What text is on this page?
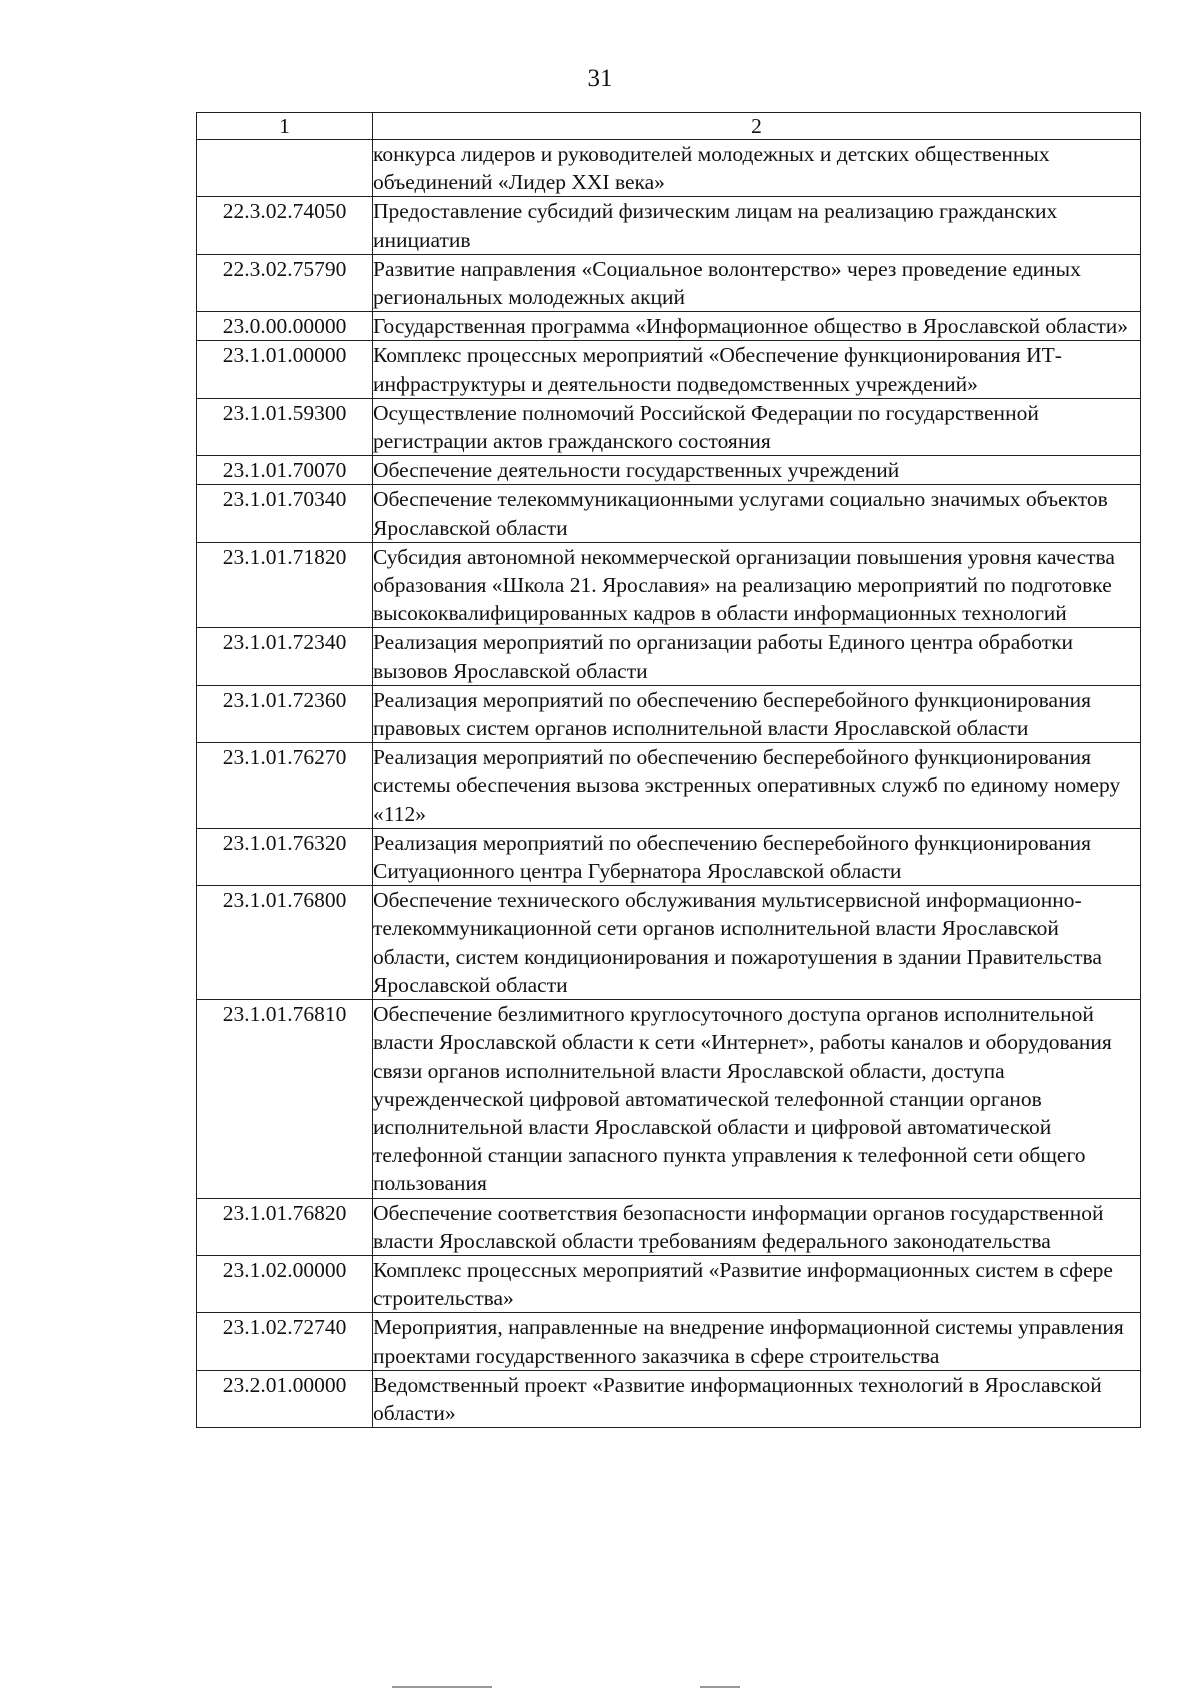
31
1	2
	конкурса лидеров и руководителей молодежных и детских общественных объединений «Лидер XXI века»
22.3.02.74050	Предоставление субсидий физическим лицам на реализацию гражданских инициатив
22.3.02.75790	Развитие направления «Социальное волонтерство» через проведение единых региональных молодежных акций
23.0.00.00000	Государственная программа «Информационное общество в Ярославской области»
23.1.01.00000	Комплекс процессных мероприятий «Обеспечение функционирования ИТ-инфраструктуры и деятельности подведомственных учреждений»
23.1.01.59300	Осуществление полномочий Российской Федерации по государственной регистрации актов гражданского состояния
23.1.01.70070	Обеспечение деятельности государственных учреждений
23.1.01.70340	Обеспечение телекоммуникационными услугами социально значимых объектов Ярославской области
23.1.01.71820	Субсидия автономной некоммерческой организации повышения уровня качества образования «Школа 21. Ярославия» на реализацию мероприятий по подготовке высококвалифицированных кадров в области информационных технологий
23.1.01.72340	Реализация мероприятий по организации работы Единого центра обработки вызовов Ярославской области
23.1.01.72360	Реализация мероприятий по обеспечению бесперебойного функционирования правовых систем органов исполнительной власти Ярославской области
23.1.01.76270	Реализация мероприятий по обеспечению бесперебойного функционирования системы обеспечения вызова экстренных оперативных служб по единому номеру «112»
23.1.01.76320	Реализация мероприятий по обеспечению бесперебойного функционирования Ситуационного центра Губернатора Ярославской области
23.1.01.76800	Обеспечение технического обслуживания мультисервисной информационно-телекоммуникационной сети органов исполнительной власти Ярославской области, систем кондиционирования и пожаротушения в здании Правительства Ярославской области
23.1.01.76810	Обеспечение безлимитного круглосуточного доступа органов исполнительной власти Ярославской области к сети «Интернет», работы каналов и оборудования связи органов исполнительной власти Ярославской области, доступа учрежденческой цифровой автоматической телефонной станции органов исполнительной власти Ярославской области и цифровой автоматической телефонной станции запасного пункта управления к телефонной сети общего пользования
23.1.01.76820	Обеспечение соответствия безопасности информации органов государственной власти Ярославской области требованиям федерального законодательства
23.1.02.00000	Комплекс процессных мероприятий «Развитие информационных систем в сфере строительства»
23.1.02.72740	Мероприятия, направленные на внедрение информационной системы управления проектами государственного заказчика в сфере строительства
23.2.01.00000	Ведомственный проект «Развитие информационных технологий в Ярославской области»
